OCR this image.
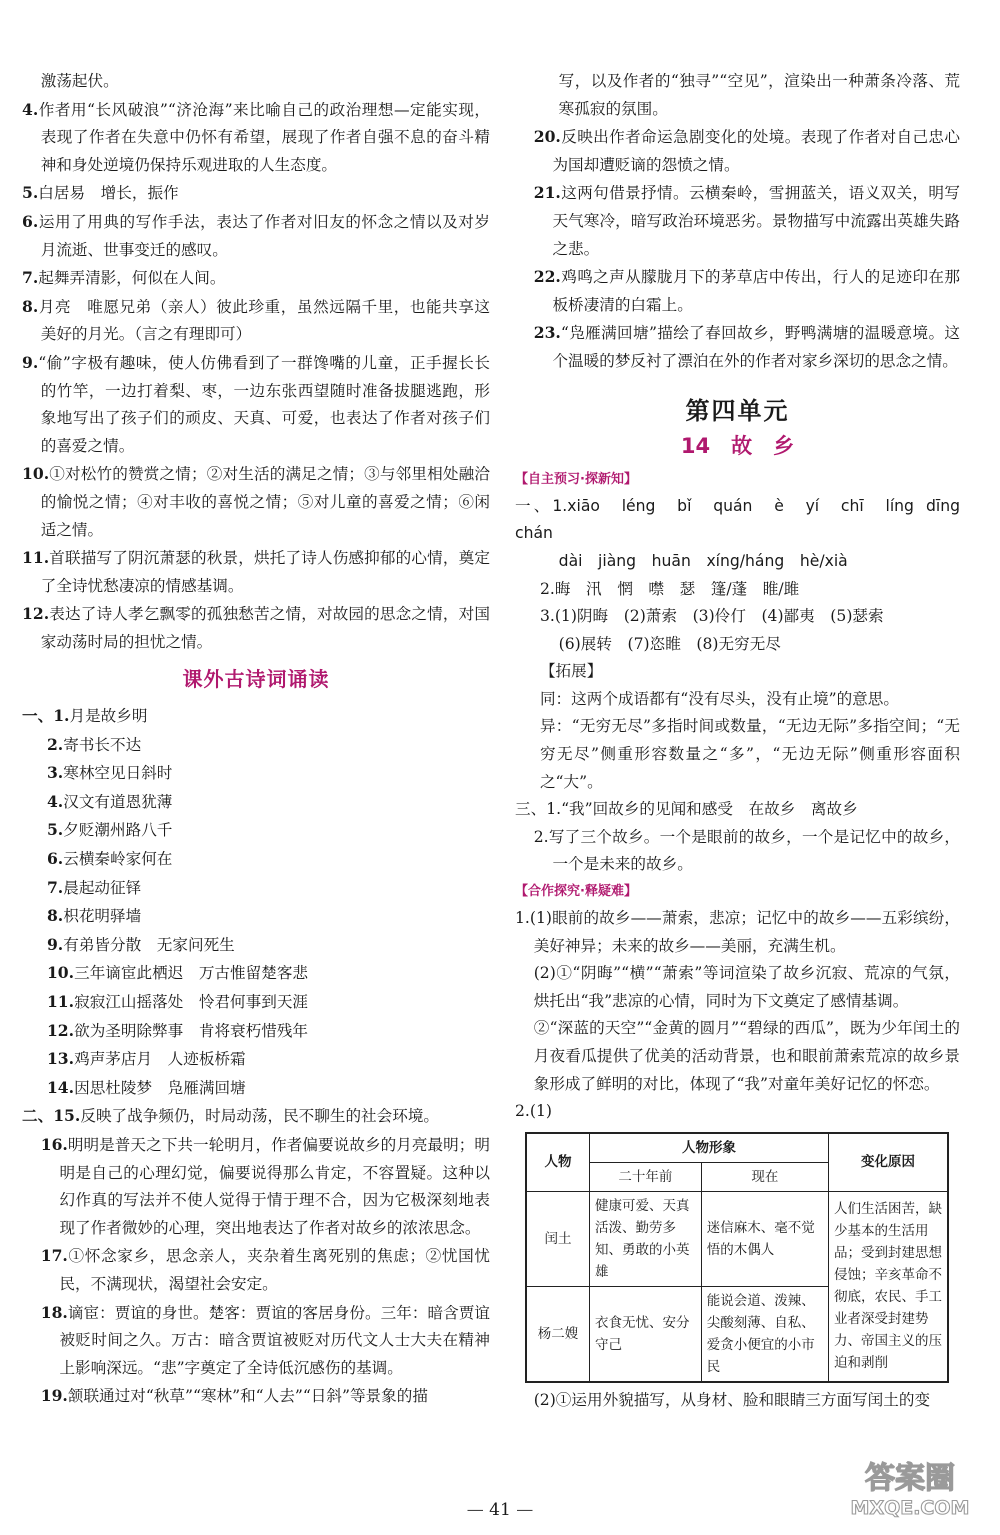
激荡起伏。

4.作者用“长风破浪”“济沧海”来比喻自己的政治理想—定能实现，表现了作者在失意中仍怀有希望，展现了作者自强不息的奋斗精神和身处逆境仍保持乐观进取的人生态度。

5.白居易　增长，振作

6.运用了用典的写作手法，表达了作者对旧友的怀念之情以及对岁月流逝、世事变迁的感叹。

7.起舞弄清影，何似在人间。

8.月亮　唯愿兄弟（亲人）彼此珍重，虽然远隔千里，也能共享这美好的月光。（言之有理即可）

9.“偷”字极有趣味，使人仿佛看到了一群馋嘴的儿童，正手握长长的竹竿，一边打着梨、枣，一边东张西望随时准备拔腿逃跑，形象地写出了孩子们的顽皮、天真、可爱，也表达了作者对孩子们的喜爱之情。

10.①对松竹的赞赏之情；②对生活的满足之情；③与邻里相处融洽的愉悦之情；④对丰收的喜悦之情；⑤对儿童的喜爱之情；⑥闲适之情。

11.首联描写了阴沉萧瑟的秋景，烘托了诗人伤感抑郁的心情，奠定了全诗忧愁凄凉的情感基调。

12.表达了诗人孝乞飘零的孤独愁苦之情，对故园的思念之情，对国家动荡时局的担忧之情。

课外古诗词诵读

一、1.月是故乡明

2.寄书长不达

3.寒林空见日斜时

4.汉文有道恩犹薄

5.夕贬潮州路八千

6.云横秦岭家何在

7.晨起动征铎

8.枳花明驿墙

9.有弟皆分散　无家问死生

10.三年谪宦此栖迟　万古惟留楚客悲

11.寂寂江山摇落处　怜君何事到天涯

12.欲为圣明除弊事　肯将衰朽惜残年

13.鸡声茅店月　人迹板桥霜

14.因思杜陵梦　凫雁满回塘

二、15.反映了战争频仍，时局动荡，民不聊生的社会环境。

16.明明是普天之下共一轮明月，作者偏要说故乡的月亮最明；明明是自己的心理幻觉，偏要说得那么肯定，不容置疑。这种以幻作真的写法并不使人觉得于情于理不合，因为它极深刻地表现了作者微妙的心理，突出地表达了作者对故乡的浓浓思念。

17.①怀念家乡，思念亲人，夹杂着生离死别的焦虑；②忧国忧民，不满现状，渴望社会安定。

18.谪宦：贾谊的身世。楚客：贾谊的客居身份。三年：暗含贾谊被贬时间之久。万古：暗含贾谊被贬对历代文人士大夫在精神上影响深远。“悲”字奠定了全诗低沉感伤的基调。

19.颔联通过对“秋草”“寒林”和“人去”“日斜”等景象的描

写，以及作者的“独寻”“空见”，渲染出一种萧条冷落、荒寒孤寂的氛围。

20.反映出作者命运急剧变化的处境。表现了作者对自己忠心为国却遭贬谪的怨愤之情。

21.这两句借景抒情。云横秦岭，雪拥蓝关，语义双关，明写天气寒冷，暗写政治环境恶劣。景物描写中流露出英雄失路之悲。

22.鸡鸣之声从朦胧月下的茅草店中传出，行人的足迹印在那板桥凄清的白霜上。

23.“凫雁满回塘”描绘了春回故乡，野鸭满塘的温暖意境。这个温暖的梦反衬了漂泊在外的作者对家乡深切的思念之情。

第四单元
14　故　乡

【自主预习·探新知】

一、1.xiāo　léng　bǐ　quán　è　yí　chī　líng dīng　chán

dài　jiàng　huān　xíng/háng　hè/xià

2.晦　汛　惘　噤　瑟　篷/蓬　睢/雎

3.(1)阴晦　(2)萧索　(3)伶仃　(4)鄙夷　(5)瑟索

(6)展转　(7)恣睢　(8)无穷无尽

【拓展】

同：这两个成语都有“没有尽头，没有止境”的意思。

异：“无穷无尽”多指时间或数量，“无边无际”多指空间；“无穷无尽”侧重形容数量之“多”，“无边无际”侧重形容面积之“大”。

三、1.“我”回故乡的见闻和感受　在故乡　离故乡

2.写了三个故乡。一个是眼前的故乡，一个是记忆中的故乡，一个是未来的故乡。

【合作探究·释疑难】

1.(1)眼前的故乡——萧索，悲凉；记忆中的故乡——五彩缤纷，美好神异；未来的故乡——美丽，充满生机。

(2)①“阴晦”“横”“萧索”等词渲染了故乡沉寂、荒凉的气氛，烘托出“我”悲凉的心情，同时为下文奠定了感情基调。

②“深蓝的天空”“金黄的圆月”“碧绿的西瓜”，既为少年闰土的月夜看瓜提供了优美的活动背景，也和眼前萧索荒凉的故乡景象形成了鲜明的对比，体现了“我”对童年美好记忆的怀恋。

2.(1)

人物	人物形象		变化原因
	二十年前	现在	
闰土	健康可爱、天真活泼、勤劳多知、勇敢的小英雄	迷信麻木、毫不觉悟的木偶人	人们生活困苦，缺少基本的生活用品；受到封建思想侵蚀；辛亥革命不彻底，农民、手工业者深受封建势力、帝国主义的压迫和剥削
杨二嫂	衣食无忧、安分守己	能说会道、泼辣、尖酸刻薄、自私、爱贪小便宜的小市民	

(2)①运用外貌描写，从身材、脸和眼睛三方面写闰土的变

— 41 —
答案圈
MXQE.COM
